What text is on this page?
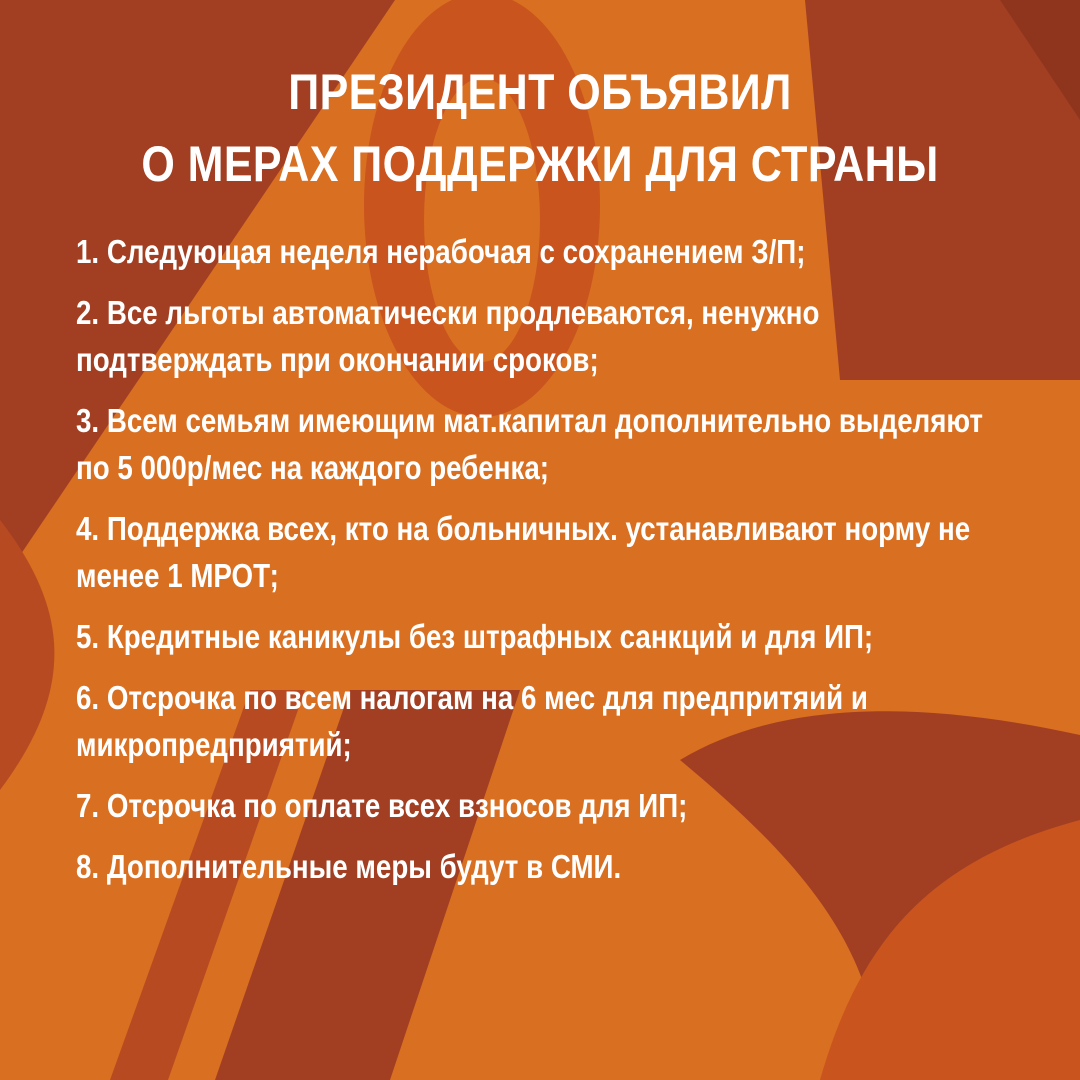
ПРЕЗИДЕНТ ОБЪЯВИЛ
О МЕРАХ ПОДДЕРЖКИ ДЛЯ СТРАНЫ
1. Следующая неделя нерабочая с сохранением З/П;
2. Все льготы автоматически продлеваются, ненужно подтверждать при окончании сроков;
3. Всем семьям имеющим мат.капитал дополнительно выделяют по 5 000р/мес на каждого ребенка;
4. Поддержка всех, кто на больничных. устанавливают норму не менее 1 МРОТ;
5. Кредитные каникулы без штрафных санкций и для ИП;
6. Отсрочка по всем налогам на 6 мес для предпритяий и микропредприятий;
7. Отсрочка по оплате всех взносов для ИП;
8. Дополнительные меры будут в СМИ.
